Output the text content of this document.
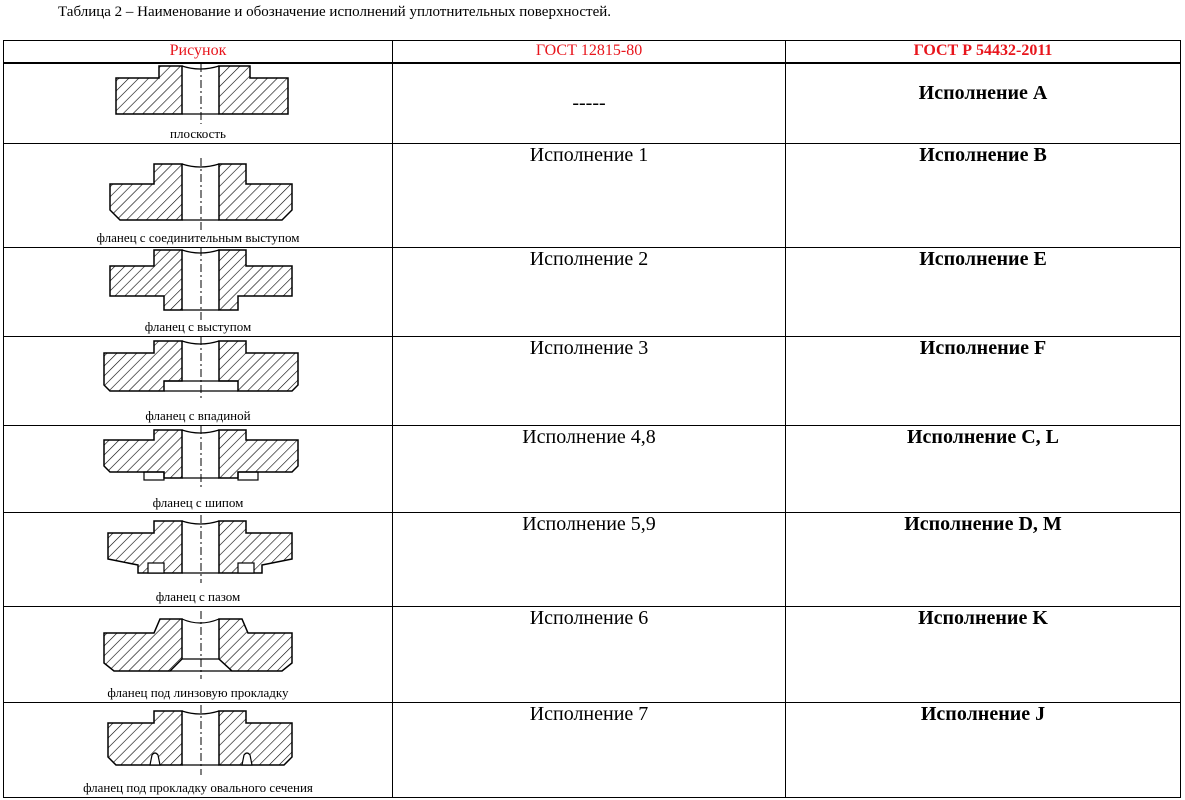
Таблица 2 – Наименование и обозначение исполнений уплотнительных поверхностей.
Рисунок	ГОСТ 12815-80	ГОСТ Р 54432-2011

плоскость	-----	Исполнение А

фланец с соединительным выступом	Исполнение 1	Исполнение B

фланец с выступом	Исполнение 2	Исполнение E

фланец с впадиной	Исполнение 3	Исполнение F

фланец с шипом	Исполнение 4,8	Исполнение C, L

фланец с пазом	Исполнение 5,9	Исполнение D, M

фланец под линзовую прокладку	Исполнение 6	Исполнение K

фланец под прокладку овального сечения	Исполнение 7	Исполнение J
